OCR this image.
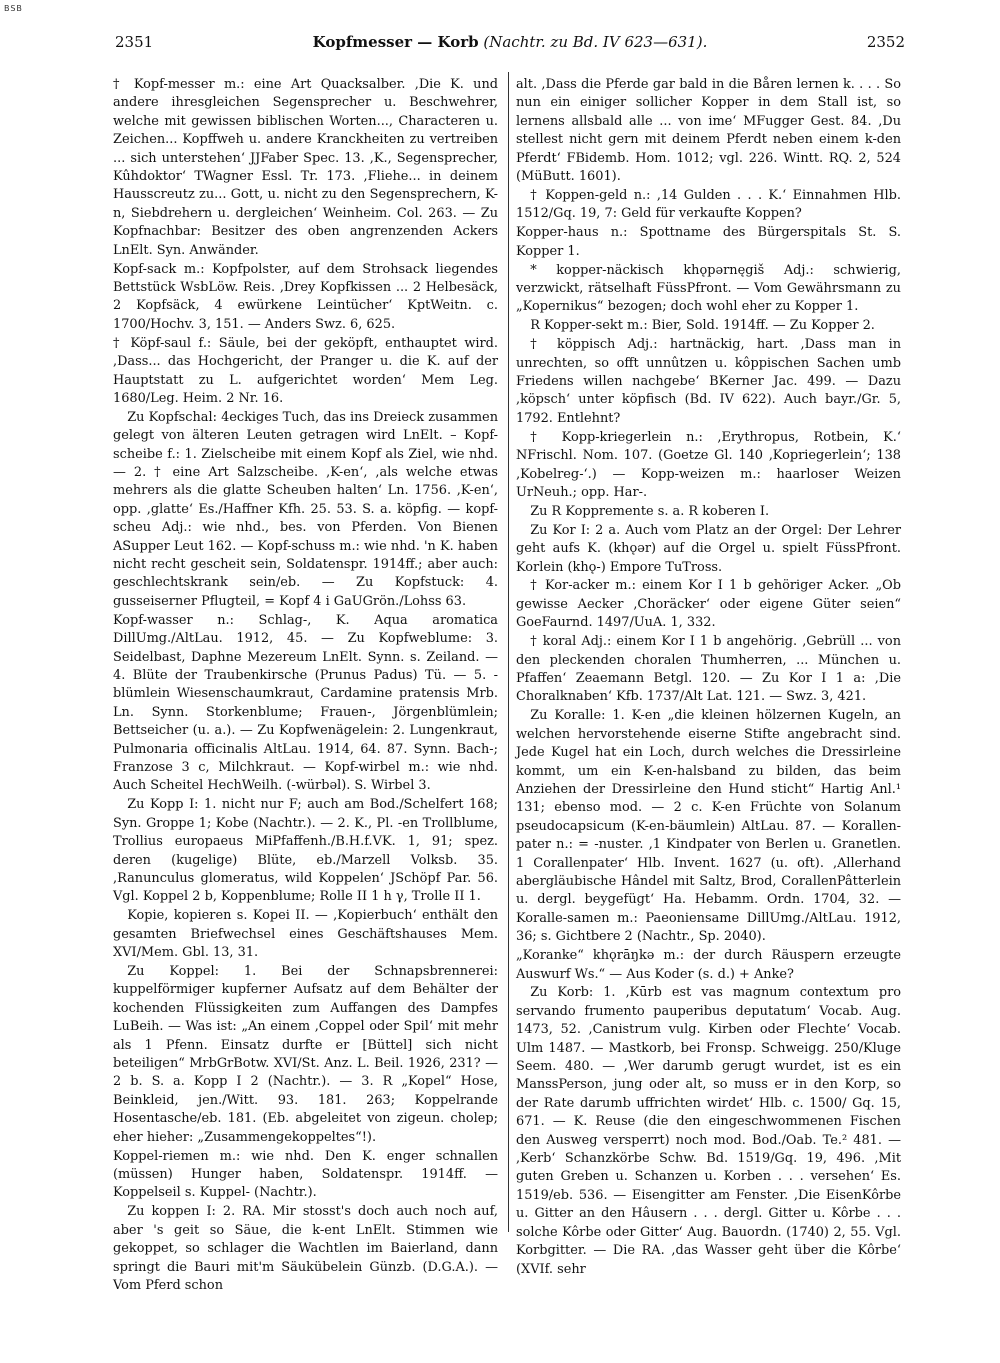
BSB
2351	Kopfmesser — Korb (Nachtr. zu Bd. IV 623—631).	2352

† Kopf-messer m.: eine Art Quacksalber. ,Die K. und andere ihresgleichen Segensprecher u. Beschwehrer, welche mit gewissen biblischen Worten..., Characteren u. Zeichen... Kopffweh u. andere Kranckheiten zu vertreiben ... sich unterstehen‘ JJFaber Spec. 13. ,K., Segensprecher, Kûhdoktor‘ TWagner Essl. Tr. 173. ,Fliehe... in deinem Hausscreutz zu... Gott, u. nicht zu den Segensprechern, K-n, Siebdrehern u. dergleichen‘ Weinheim. Col. 263. — Zu Kopfnachbar: Besitzer des oben angrenzenden Ackers LnElt. Syn. Anwänder.

Kopf-sack m.: Kopfpolster, auf dem Strohsack liegendes Bettstück WsbLöw. Reis. ,Drey Kopfkissen ... 2 Helbesäck, 2 Kopfsäck, 4 ewürkene Leintücher‘ KptWeitn. c. 1700/Hochv. 3, 151. — Anders Swz. 6, 625.

† Köpf-saul f.: Säule, bei der geköpft, enthauptet wird. ,Dass... das Hochgericht, der Pranger u. die K. auf der Hauptstatt zu L. aufgerichtet worden‘ Mem Leg. 1680/Leg. Heim. 2 Nr. 16.

Zu Kopfschal: 4eckiges Tuch, das ins Dreieck zusammen gelegt von älteren Leuten getragen wird LnElt. – Kopf-scheibe f.: 1. Zielscheibe mit einem Kopf als Ziel, wie nhd. — 2. † eine Art Salzscheibe. ,K-en‘, ,als welche etwas mehrers als die glatte Scheuben halten‘ Ln. 1756. ,K-en‘, opp. ,glatte‘ Es./Haffner Kfh. 25. 53. S. a. köpfig. — kopf-scheu Adj.: wie nhd., bes. von Pferden. Von Bienen ASupper Leut 162. — Kopf-schuss m.: wie nhd. 'n K. haben nicht recht gescheit sein, Soldatenspr. 1914ff.; aber auch: geschlechtskrank sein/eb. — Zu Kopfstuck: 4. gusseiserner Pflugteil, = Kopf 4 i GaUGrön./Lohss 63.

Kopf-wasser n.: Schlag-, K. Aqua aromatica DillUmg./AltLau. 1912, 45. — Zu Kopfweblume: 3. Seidelbast, Daphne Mezereum LnElt. Synn. s. Zeiland. — 4. Blüte der Traubenkirsche (Prunus Padus) Tü. — 5. -blümlein Wiesenschaumkraut, Cardamine pratensis Mrb. Ln. Synn. Storkenblume; Frauen-, Jörgenblümlein; Bettseicher (u. a.). — Zu Kopfwenägelein: 2. Lungenkraut, Pulmonaria officinalis AltLau. 1914, 64. 87. Synn. Bach-; Franzose 3 c, Milchkraut. — Kopf-wirbel m.: wie nhd. Auch Scheitel HechWeilh. (-würbəl). S. Wirbel 3.

Zu Kopp I: 1. nicht nur F; auch am Bod./Schelfert 168; Syn. Groppe 1; Kobe (Nachtr.). — 2. K., Pl. -en Trollblume, Trollius europaeus MiPfaffenh./B.H.f.VK. 1, 91; spez. deren (kugelige) Blüte, eb./Marzell Volksb. 35. ,Ranunculus glomeratus, wild Koppelen‘ JSchöpf Par. 56. Vgl. Koppel 2 b, Koppenblume; Rolle II 1 h γ, Trolle II 1.

Kopie, kopieren s. Kopei II. — ,Kopierbuch‘ enthält den gesamten Briefwechsel eines Geschäftshauses Mem. XVI/Mem. Gbl. 13, 31.

Zu Koppel: 1. Bei der Schnapsbrennerei: kuppelförmiger kupferner Aufsatz auf dem Behälter der kochenden Flüssigkeiten zum Auffangen des Dampfes LuBeih. — Was ist: „An einem ‚Coppel oder Spil‘ mit mehr als 1 Pfenn. Einsatz durfte er [Büttel] sich nicht beteiligen“ MrbGrBotw. XVI/St. Anz. L. Beil. 1926, 231? — 2 b. S. a. Kopp I 2 (Nachtr.). — 3. R „Kopel“ Hose, Beinkleid, jen./Witt. 93. 181. 263; Koppelrande Hosentasche/eb. 181. (Eb. abgeleitet von zigeun. cholep; eher hieher: „Zusammengekoppeltes“!).

Koppel-riemen m.: wie nhd. Den K. enger schnallen (müssen) Hunger haben, Soldatenspr. 1914ff. — Koppelseil s. Kuppel- (Nachtr.).

Zu koppen I: 2. RA. Mir stosst's doch auch noch auf, aber 's geit so Säue, die k-ent LnElt. Stimmen wie gekoppet, so schlager die Wachtlen im Baierland, dann springt die Bauri mit'm Säukübelein Günzb. (D.G.A.). — Vom Pferd schon

alt. ,Dass die Pferde gar bald in die Båren lernen k. . . . So nun ein einiger sollicher Kopper in dem Stall ist, so lernens allsbald alle ... von ime‘ MFugger Gest. 84. ,Du stellest nicht gern mit deinem Pferdt neben einem k-den Pferdt‘ FBidemb. Hom. 1012; vgl. 226. Wintt. RQ. 2, 524 (MüButt. 1601).

† Koppen-geld n.: ,14 Gulden . . . K.‘ Einnahmen Hlb. 1512/Gq. 19, 7: Geld für verkaufte Koppen?

Kopper-haus n.: Spottname des Bürgerspitals St. S. Kopper 1.

* kopper-näckisch khǫpərnęgiš Adj.: schwierig, verzwickt, rätselhaft FüssPfront. — Vom Gewährsmann zu „Kopernikus“ bezogen; doch wohl eher zu Kopper 1.

R Kopper-sekt m.: Bier, Sold. 1914ff. — Zu Kopper 2.

† köppisch Adj.: hartnäckig, hart. ,Dass man in unrechten, so offt unnûtzen u. kôppischen Sachen umb Friedens willen nachgebe‘ BKerner Jac. 499. — Dazu ,köpsch‘ unter köpfisch (Bd. IV 622). Auch bayr./Gr. 5, 1792. Entlehnt?

† Kopp-kriegerlein n.: ,Erythropus, Rotbein, K.‘ NFrischl. Nom. 107. (Goetze Gl. 140 ‚Kopriegerlein‘; 138 ‚Kobelreg-‘.) — Kopp-weizen m.: haarloser Weizen UrNeuh.; opp. Har-.

Zu R Koppremente s. a. R koberen I.

Zu Kor I: 2 a. Auch vom Platz an der Orgel: Der Lehrer geht aufs K. (khǫər) auf die Orgel u. spielt FüssPfront. Korlein (khǫ-) Empore TuTross.

† Kor-acker m.: einem Kor I 1 b gehöriger Acker. „Ob gewisse Aecker ‚Choräcker‘ oder eigene Güter seien“ GoeFaurnd. 1497/UuA. 1, 332.

† koral Adj.: einem Kor I 1 b angehörig. ,Gebrüll ... von den pleckenden choralen Thumherren, ... München u. Pfaffen‘ Zeaemann Betgl. 120. — Zu Kor I 1 a: ,Die Choralknaben‘ Kfb. 1737/Alt Lat. 121. — Swz. 3, 421.

Zu Koralle: 1. K-en „die kleinen hölzernen Kugeln, an welchen hervorstehende eiserne Stifte angebracht sind. Jede Kugel hat ein Loch, durch welches die Dressirleine kommt, um ein K-en-halsband zu bilden, das beim Anziehen der Dressirleine den Hund sticht“ Hartig Anl.¹ 131; ebenso mod. — 2 c. K-en Früchte von Solanum pseudocapsicum (K-en-bäumlein) AltLau. 87. — Korallen-pater n.: = -nuster. ,1 Kindpater von Berlen u. Granetlen. 1 Corallenpater‘ Hlb. Invent. 1627 (u. oft). ,Allerhand abergläubische Hândel mit Saltz, Brod, CorallenPâtterlein u. dergl. beygefügt‘ Ha. Hebamm. Ordn. 1704, 32. — Koralle-samen m.: Paeoniensame DillUmg./AltLau. 1912, 36; s. Gichtbere 2 (Nachtr., Sp. 2040).

„Koranke“ khǫrāŋkə m.: der durch Räuspern erzeugte Auswurf Ws.“ — Aus Koder (s. d.) + Anke?

Zu Korb: 1. ‚Kūrb est vas magnum contextum pro servando frumento pauperibus deputatum‘ Vocab. Aug. 1473, 52. ,Canistrum vulg. Kirben oder Flechte‘ Vocab. Ulm 1487. — Mastkorb, bei Fronsp. Schweigg. 250/Kluge Seem. 480. — ,Wer darumb gerugt wurdet, ist es ein ManssPerson, jung oder alt, so muss er in den Korp, so der Rate darumb uffrichten wirdet‘ Hlb. c. 1500/ Gq. 15, 671. — K. Reuse (die den eingeschwommenen Fischen den Ausweg versperrt) noch mod. Bod./Oab. Te.² 481. — ,Kerb‘ Schanzkörbe Schw. Bd. 1519/Gq. 19, 496. ,Mit guten Greben u. Schanzen u. Korben . . . versehen‘ Es. 1519/eb. 536. — Eisengitter am Fenster. ,Die EisenKôrbe u. Gitter an den Hâusern . . . dergl. Gitter u. Kôrbe . . . solche Kôrbe oder Gitter‘ Aug. Bauordn. (1740) 2, 55. Vgl. Korbgitter. — Die RA. ,das Wasser geht über die Kôrbe‘ (XVIf. sehr
